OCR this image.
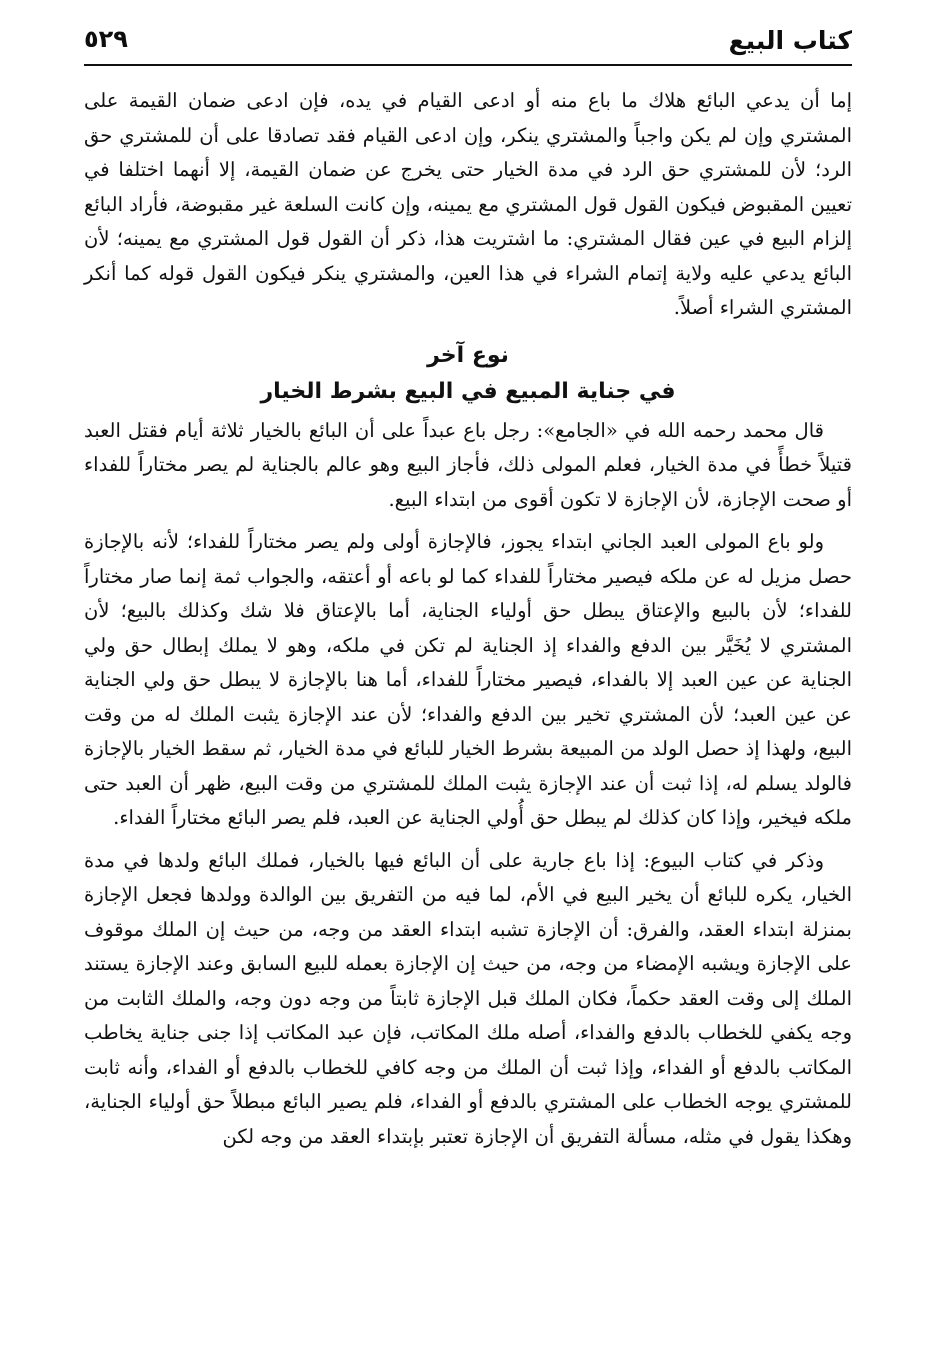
كتاب البيع
٥٢٩

إما أن يدعي البائع هلاك ما باع منه أو ادعى القيام في يده، فإن ادعى ضمان القيمة على المشتري وإن لم يكن واجباً والمشتري ينكر، وإن ادعى القيام فقد تصادقا على أن للمشتري حق الرد؛ لأن للمشتري حق الرد في مدة الخيار حتى يخرج عن ضمان القيمة، إلا أنهما اختلفا في تعيين المقبوض فيكون القول قول المشتري مع يمينه، وإن كانت السلعة غير مقبوضة، فأراد البائع إلزام البيع في عين فقال المشتري: ما اشتريت هذا، ذكر أن القول قول المشتري مع يمينه؛ لأن البائع يدعي عليه ولاية إتمام الشراء في هذا العين، والمشتري ينكر فيكون القول قوله كما أنكر المشتري الشراء أصلاً.

نوع آخر

في جناية المبيع في البيع بشرط الخيار

قال محمد رحمه الله في «الجامع»: رجل باع عبداً على أن البائع بالخيار ثلاثة أيام فقتل العبد قتيلاً خطأً في مدة الخيار، فعلم المولى ذلك، فأجاز البيع وهو عالم بالجناية لم يصر مختاراً للفداء أو صحت الإجازة، لأن الإجازة لا تكون أقوى من ابتداء البيع.

ولو باع المولى العبد الجاني ابتداء يجوز، فالإجازة أولى ولم يصر مختاراً للفداء؛ لأنه بالإجازة حصل مزيل له عن ملكه فيصير مختاراً للفداء كما لو باعه أو أعتقه، والجواب ثمة إنما صار مختاراً للفداء؛ لأن بالبيع والإعتاق يبطل حق أولياء الجناية، أما بالإعتاق فلا شك وكذلك بالبيع؛ لأن المشتري لا يُخَيَّر بين الدفع والفداء إذ الجناية لم تكن في ملكه، وهو لا يملك إبطال حق ولي الجناية عن عين العبد إلا بالفداء، فيصير مختاراً للفداء، أما هنا بالإجازة لا يبطل حق ولي الجناية عن عين العبد؛ لأن المشتري تخير بين الدفع والفداء؛ لأن عند الإجازة يثبت الملك له من وقت البيع، ولهذا إذ حصل الولد من المبيعة بشرط الخيار للبائع في مدة الخيار، ثم سقط الخيار بالإجازة فالولد يسلم له، إذا ثبت أن عند الإجازة يثبت الملك للمشتري من وقت البيع، ظهر أن العبد حتى ملكه فيخير، وإذا كان كذلك لم يبطل حق أُولي الجناية عن العبد، فلم يصر البائع مختاراً الفداء.

وذكر في كتاب البيوع: إذا باع جارية على أن البائع فيها بالخيار، فملك البائع ولدها في مدة الخيار، يكره للبائع أن يخير البيع في الأم، لما فيه من التفريق بين الوالدة وولدها فجعل الإجازة بمنزلة ابتداء العقد، والفرق: أن الإجازة تشبه ابتداء العقد من وجه، من حيث إن الملك موقوف على الإجازة ويشبه الإمضاء من وجه، من حيث إن الإجازة بعمله للبيع السابق وعند الإجازة يستند الملك إلى وقت العقد حكماً، فكان الملك قبل الإجازة ثابتاً من وجه دون وجه، والملك الثابت من وجه يكفي للخطاب بالدفع والفداء، أصله ملك المكاتب، فإن عبد المكاتب إذا جنى جناية يخاطب المكاتب بالدفع أو الفداء، وإذا ثبت أن الملك من وجه كافي للخطاب بالدفع أو الفداء، وأنه ثابت للمشتري يوجه الخطاب على المشتري بالدفع أو الفداء، فلم يصير البائع مبطلاً حق أولياء الجناية، وهكذا يقول في مثله، مسألة التفريق أن الإجازة تعتبر بإبتداء العقد من وجه لكن
